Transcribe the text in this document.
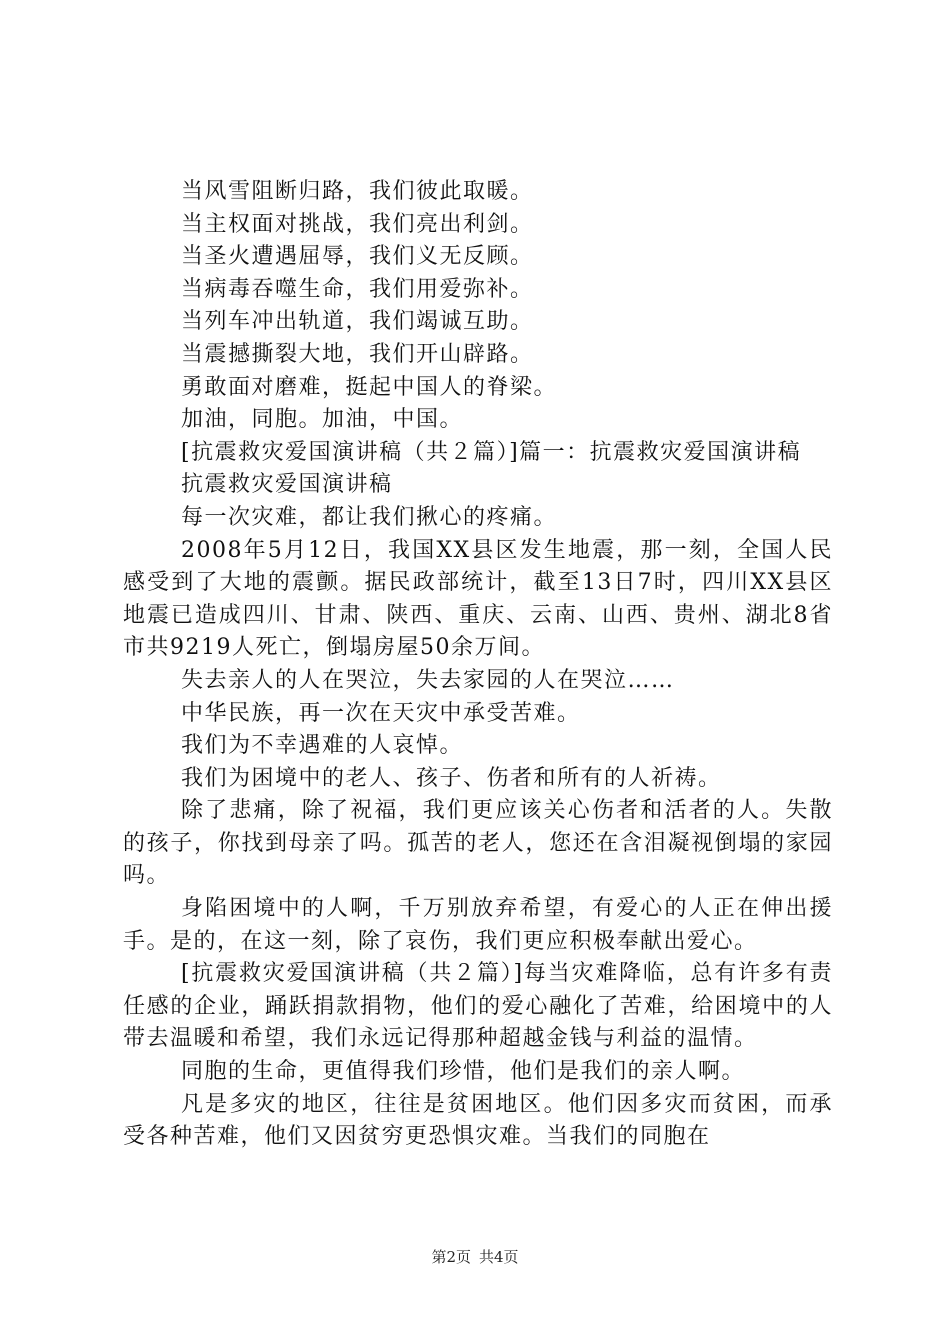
当风雪阻断归路，我们彼此取暖。

当主权面对挑战，我们亮出利剑。

当圣火遭遇屈辱，我们义无反顾。

当病毒吞噬生命，我们用爱弥补。

当列车冲出轨道，我们竭诚互助。

当震撼撕裂大地，我们开山辟路。

勇敢面对磨难，挺起中国人的脊梁。

加油，同胞。加油，中国。

[抗震救灾爱国演讲稿（共２篇）]篇一：抗震救灾爱国演讲稿

抗震救灾爱国演讲稿

每一次灾难，都让我们揪心的疼痛。

2008年5月12日，我国XX县区发生地震，那一刻，全国人民感受到了大地的震颤。据民政部统计，截至13日7时，四川XX县区地震已造成四川、甘肃、陕西、重庆、云南、山西、贵州、湖北8省市共9219人死亡，倒塌房屋50余万间。

失去亲人的人在哭泣，失去家园的人在哭泣……

中华民族，再一次在天灾中承受苦难。

我们为不幸遇难的人哀悼。

我们为困境中的老人、孩子、伤者和所有的人祈祷。

除了悲痛，除了祝福，我们更应该关心伤者和活者的人。失散的孩子，你找到母亲了吗。孤苦的老人，您还在含泪凝视倒塌的家园吗。

身陷困境中的人啊，千万别放弃希望，有爱心的人正在伸出援手。是的，在这一刻，除了哀伤，我们更应积极奉献出爱心。

[抗震救灾爱国演讲稿（共２篇）]每当灾难降临，总有许多有责任感的企业，踊跃捐款捐物，他们的爱心融化了苦难，给困境中的人带去温暖和希望，我们永远记得那种超越金钱与利益的温情。

同胞的生命，更值得我们珍惜，他们是我们的亲人啊。

凡是多灾的地区，往往是贫困地区。他们因多灾而贫困，而承受各种苦难，他们又因贫穷更恐惧灾难。当我们的同胞在

第2页 共4页
